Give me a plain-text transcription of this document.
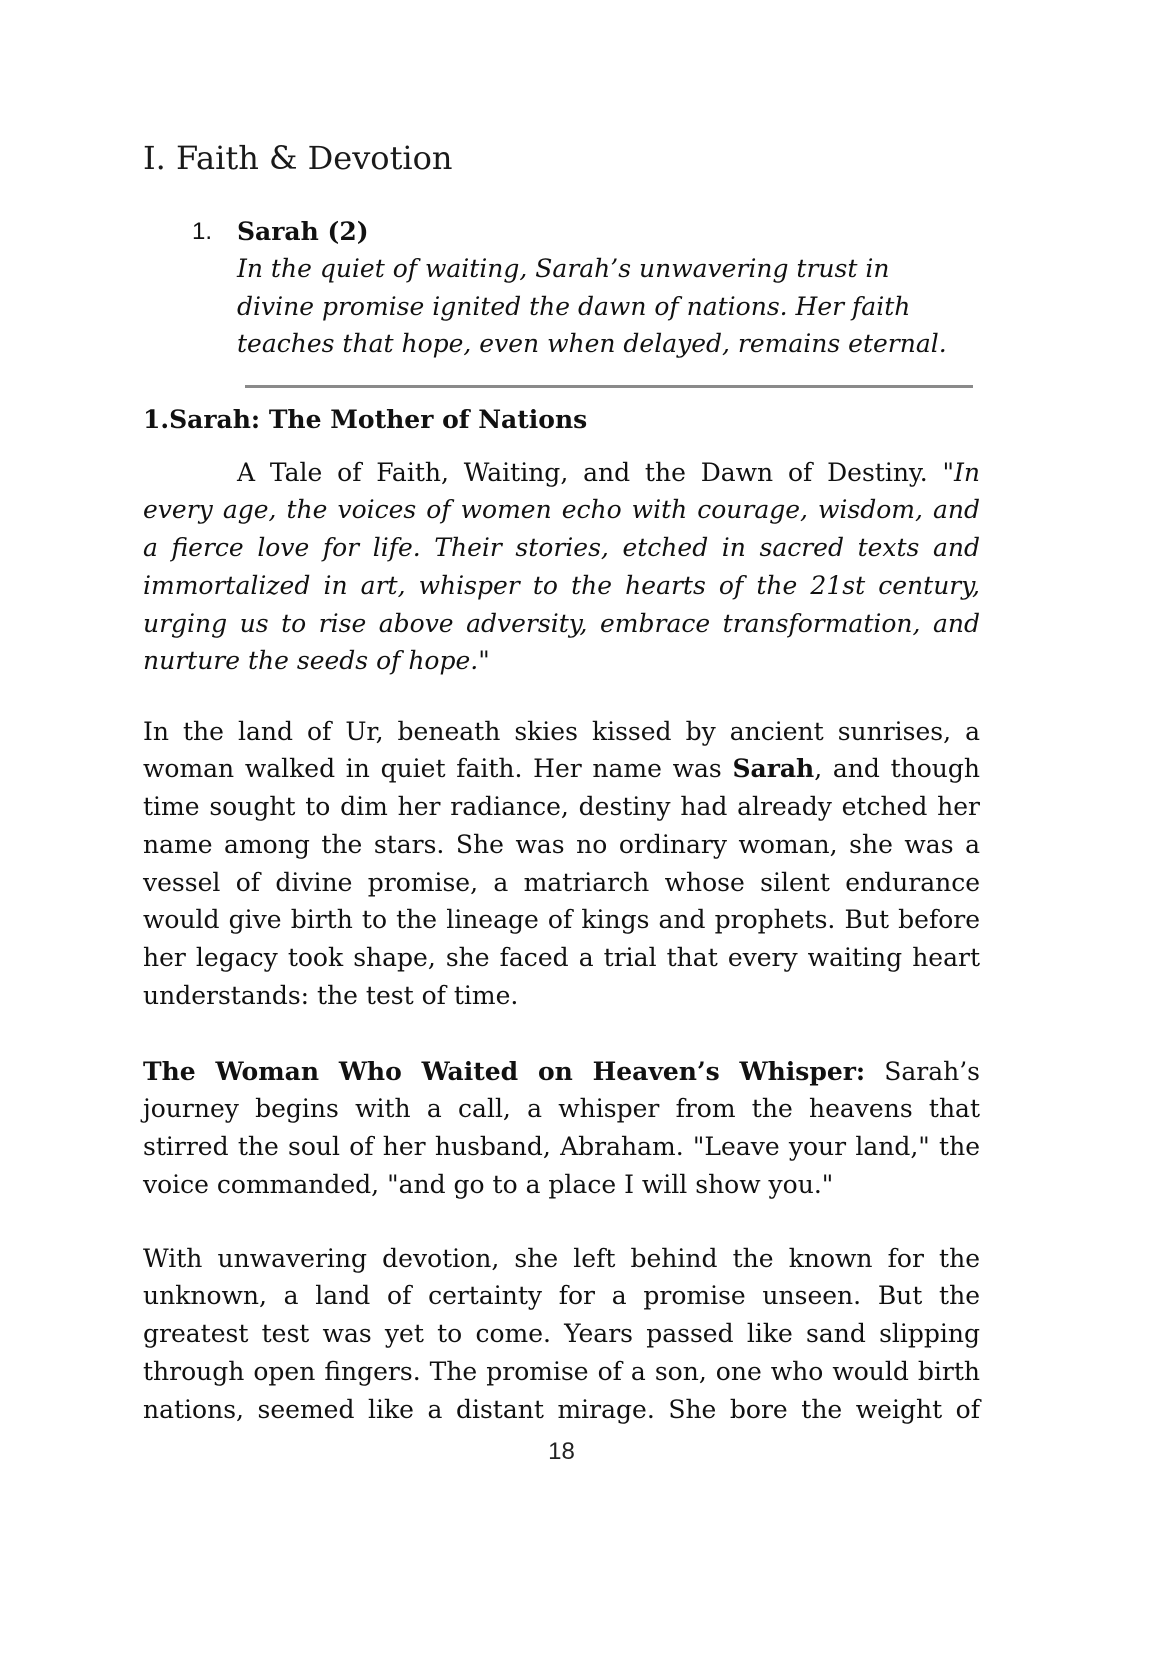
I. Faith & Devotion
1. Sarah (2)
In the quiet of waiting, Sarah’s unwavering trust in
divine promise ignited the dawn of nations. Her faith
teaches that hope, even when delayed, remains eternal.
1.Sarah: The Mother of Nations
A Tale of Faith, Waiting, and the Dawn of Destiny. "In
every age, the voices of women echo with courage, wisdom, and
a fierce love for life. Their stories, etched in sacred texts and
immortalized in art, whisper to the hearts of the 21st century,
urging us to rise above adversity, embrace transformation, and
nurture the seeds of hope."
In the land of Ur, beneath skies kissed by ancient sunrises, a
woman walked in quiet faith. Her name was Sarah, and though
time sought to dim her radiance, destiny had already etched her
name among the stars. She was no ordinary woman, she was a
vessel of divine promise, a matriarch whose silent endurance
would give birth to the lineage of kings and prophets. But before
her legacy took shape, she faced a trial that every waiting heart
understands: the test of time.
The Woman Who Waited on Heaven’s Whisper: Sarah’s
journey begins with a call, a whisper from the heavens that
stirred the soul of her husband, Abraham. "Leave your land," the
voice commanded, "and go to a place I will show you."
With unwavering devotion, she left behind the known for the
unknown, a land of certainty for a promise unseen. But the
greatest test was yet to come. Years passed like sand slipping
through open fingers. The promise of a son, one who would birth
nations, seemed like a distant mirage. She bore the weight of
18
